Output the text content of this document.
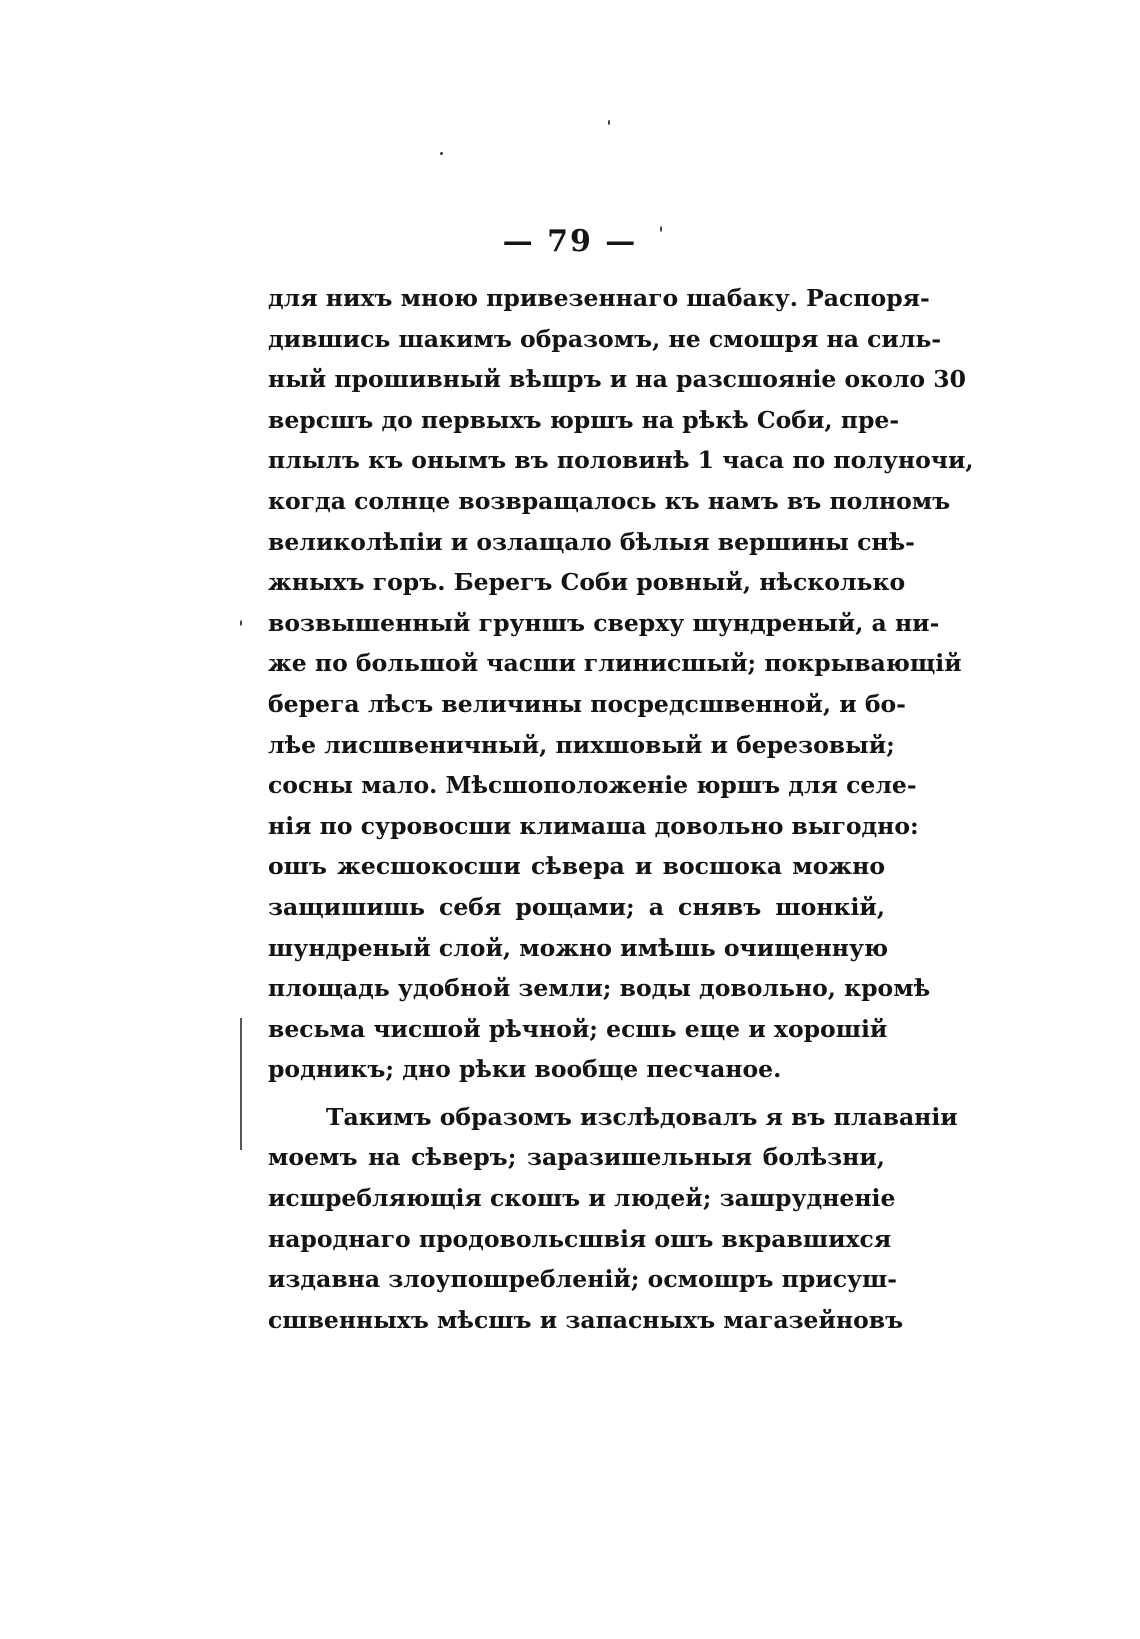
— 79 —
для нихъ мною привезеннаго шабаку. Распоря-
дившись шакимъ образомъ, не смошря на силь-
ный прошивный вѣшръ и на разсшояніе около 30
версшъ до первыхъ юршъ на рѣкѣ Соби, пре-
плылъ къ онымъ въ половинѣ 1 часа по полуночи,
когда солнце возвращалось къ намъ въ полномъ
великолѣпіи и озлащало бѣлыя вершины снѣ-
жныхъ горъ. Берегъ Соби ровный, нѣсколько
возвышенный груншъ сверху шундреный, а ни-
же по большой часши глинисшый; покрывающій
берега лѣсъ величины посредсшвенной, и бо-
лѣе лисшвеничный, пихшовый и березовый;
сосны мало. Мѣсшоположеніе юршъ для селе-
нія по суровосши климаша довольно выгодно:
ошъ жесшокосши сѣвера и восшока можно
защишишь себя рощами; а снявъ шонкій,
шундреный слой, можно имѣшь очищенную
площадь удобной земли; воды довольно, кромѣ
весьма чисшой рѣчной; есшь еще и хорошій
родникъ; дно рѣки вообще песчаное.
Такимъ образомъ изслѣдовалъ я въ плаваніи
моемъ на сѣверъ; заразишельныя болѣзни,
иcшребляющія скошъ и людей; зашрудненіе
народнаго продовольсшвія ошъ вкравшихся
издавна злоупошребленій; осмошръ присуш-
сшвенныхъ мѣсшъ и запасныхъ магазейновъ
